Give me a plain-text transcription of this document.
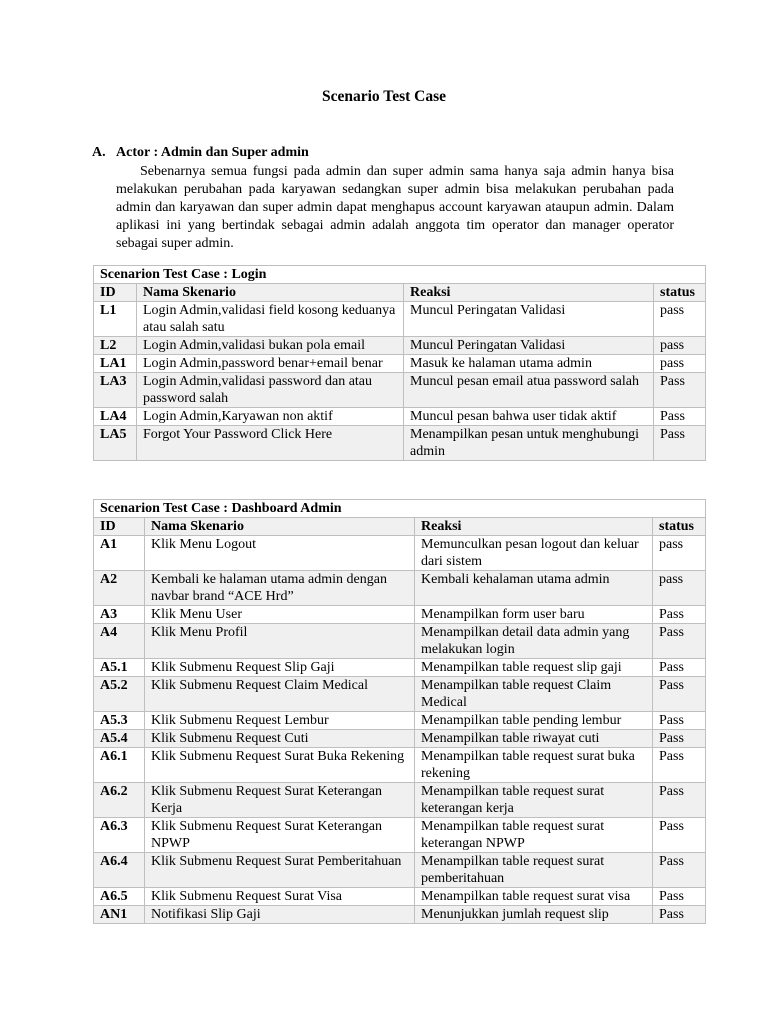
Scenario Test Case
A. Actor : Admin dan Super admin
Sebenarnya semua fungsi pada admin dan super admin sama hanya saja admin hanya bisa melakukan perubahan pada karyawan sedangkan super admin bisa melakukan perubahan pada admin dan karyawan dan super admin dapat menghapus account karyawan ataupun admin. Dalam aplikasi ini yang bertindak sebagai admin adalah anggota tim operator dan manager operator sebagai super admin.
Scenarion Test Case : Login			
ID	Nama Skenario	Reaksi	status
L1	Login Admin,validasi field kosong keduanya atau salah satu	Muncul Peringatan Validasi	pass
L2	Login Admin,validasi bukan pola email	Muncul Peringatan Validasi	pass
LA1	Login Admin,password benar+email benar	Masuk ke halaman utama admin	pass
LA3	Login Admin,validasi password dan atau password salah	Muncul pesan email atua password salah	Pass
LA4	Login Admin,Karyawan non aktif	Muncul pesan bahwa user tidak aktif	Pass
LA5	Forgot Your Password Click Here	Menampilkan pesan untuk menghubungi admin	Pass
Scenarion Test Case : Dashboard Admin			
ID	Nama Skenario	Reaksi	status
A1	Klik Menu Logout	Memunculkan pesan logout dan keluar dari sistem	pass
A2	Kembali ke halaman utama admin dengan navbar brand “ACE Hrd”	Kembali kehalaman utama admin	pass
A3	Klik Menu User	Menampilkan form user baru	Pass
A4	Klik Menu Profil	Menampilkan detail data admin yang melakukan login	Pass
A5.1	Klik Submenu Request Slip Gaji	Menampilkan table request slip gaji	Pass
A5.2	Klik Submenu Request Claim Medical	Menampilkan table request Claim Medical	Pass
A5.3	Klik Submenu Request Lembur	Menampilkan table pending lembur	Pass
A5.4	Klik Submenu Request Cuti	Menampilkan table riwayat cuti	Pass
A6.1	Klik Submenu Request Surat Buka Rekening	Menampilkan table request surat buka rekening	Pass
A6.2	Klik Submenu Request Surat Keterangan Kerja	Menampilkan table request surat keterangan kerja	Pass
A6.3	Klik Submenu Request Surat Keterangan NPWP	Menampilkan table request surat keterangan NPWP	Pass
A6.4	Klik Submenu Request Surat Pemberitahuan	Menampilkan table request surat pemberitahuan	Pass
A6.5	Klik Submenu Request Surat Visa	Menampilkan table request surat visa	Pass
AN1	Notifikasi Slip Gaji	Menunjukkan jumlah request slip	Pass
